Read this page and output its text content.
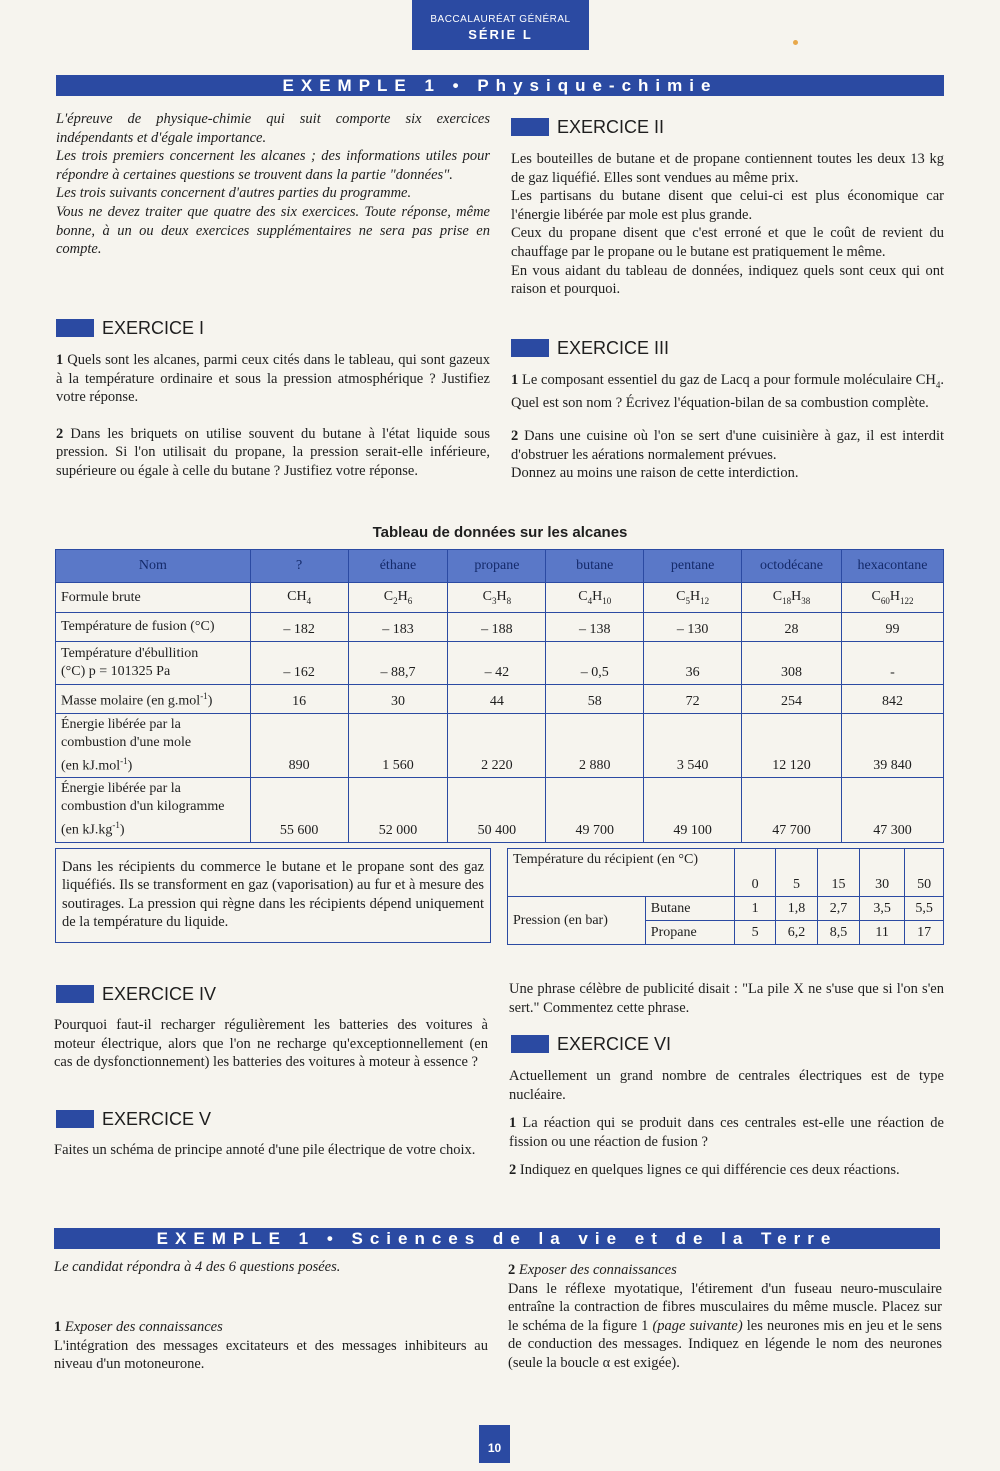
BACCALAURÉAT GÉNÉRAL
SÉRIE L
EXEMPLE 1 • Physique-chimie

L'épreuve de physique-chimie qui suit comporte six exercices indépendants et d'égale importance.

Les trois premiers concernent les alcanes ; des informations utiles pour répondre à certaines questions se trouvent dans la partie "données".

Les trois suivants concernent d'autres parties du programme.

Vous ne devez traiter que quatre des six exercices. Toute réponse, même bonne, à un ou deux exercices supplémentaires ne sera pas prise en compte.

EXERCICE I

1 Quels sont les alcanes, parmi ceux cités dans le tableau, qui sont gazeux à la température ordinaire et sous la pression atmosphérique ? Justifiez votre réponse.

2 Dans les briquets on utilise souvent du butane à l'état liquide sous pression. Si l'on utilisait du propane, la pression serait-elle inférieure, supérieure ou égale à celle du butane ? Justifiez votre réponse.

EXERCICE II

Les bouteilles de butane et de propane contiennent toutes les deux 13 kg de gaz liquéfié. Elles sont vendues au même prix.

Les partisans du butane disent que celui-ci est plus économique car l'énergie libérée par mole est plus grande.

Ceux du propane disent que c'est erroné et que le coût de revient du chauffage par le propane ou le butane est pratiquement le même.

En vous aidant du tableau de données, indiquez quels sont ceux qui ont raison et pourquoi.

EXERCICE III

1 Le composant essentiel du gaz de Lacq a pour formule moléculaire $CH_4$. Quel est son nom ? Écrivez l'équation-bilan de sa combustion complète.

2 Dans une cuisine où l'on se sert d'une cuisinière à gaz, il est interdit d'obstruer les aérations normalement prévues.

Donnez au moins une raison de cette interdiction.

Tableau de données sur les alcanes
Nom	?	éthane	propane	butane	pentane	octodécane	hexacontane
Formule brute	$CH_4$	$C_2H_6$	$C_3H_8$	$C_4H_{10}$	$C_5H_{12}$	$C_{18}H_{38}$	$C_{60}H_{122}$
Température de fusion (°C)	– 182	– 183	– 188	– 138	– 130	28	99
Température d'ébullition
(°C) p = 101325 Pa	– 162	– 88,7	– 42	– 0,5	36	308	-
Masse molaire (en g.mol$^{-1}$)	16	30	44	58	72	254	842
Énergie libérée par la
combustion d'une mole
(en kJ.mol$^{-1}$)	890	1 560	2 220	2 880	3 540	12 120	39 840
Énergie libérée par la
combustion d'un kilogramme
(en $kJ.kg^{-1}$)	55 600	52 000	50 400	49 700	49 100	47 700	47 300

Dans les récipients du commerce le butane et le propane sont des gaz liquéfiés. Ils se transforment en gaz (vaporisation) au fur et à mesure des soutirages. La pression qui règne dans les récipients dépend uniquement de la température du liquide.

Température du récipient (en °C)		0	5	15	30	50
Pression (en bar)	Butane	1	1,8	2,7	3,5	5,5
	Propane	5	6,2	8,5	11	17
EXERCICE IV

Pourquoi faut-il recharger régulièrement les batteries des voitures à moteur électrique, alors que l'on ne recharge qu'exceptionnellement (en cas de dysfonctionnement) les batteries des voitures à moteur à essence ?

EXERCICE V

Faites un schéma de principe annoté d'une pile électrique de votre choix.

Une phrase célèbre de publicité disait : "La pile X ne s'use que si l'on s'en sert." Commentez cette phrase.

EXERCICE VI

Actuellement un grand nombre de centrales électriques est de type nucléaire.

1 La réaction qui se produit dans ces centrales est-elle une réaction de fission ou une réaction de fusion ?

2 Indiquez en quelques lignes ce qui différencie ces deux réactions.

EXEMPLE 1 • Sciences de la vie et de la Terre
Le candidat répondra à 4 des 6 questions posées.

1 Exposer des connaissances

L'intégration des messages excitateurs et des messages inhibiteurs au niveau d'un motoneurone.

2 Exposer des connaissances

Dans le réflexe myotatique, l'étirement d'un fuseau neuro-musculaire entraîne la contraction de fibres musculaires du même muscle. Placez sur le schéma de la figure 1 (page suivante) les neurones mis en jeu et le sens de conduction des messages. Indiquez en légende le nom des neurones (seule la boucle α est exigée).

10
